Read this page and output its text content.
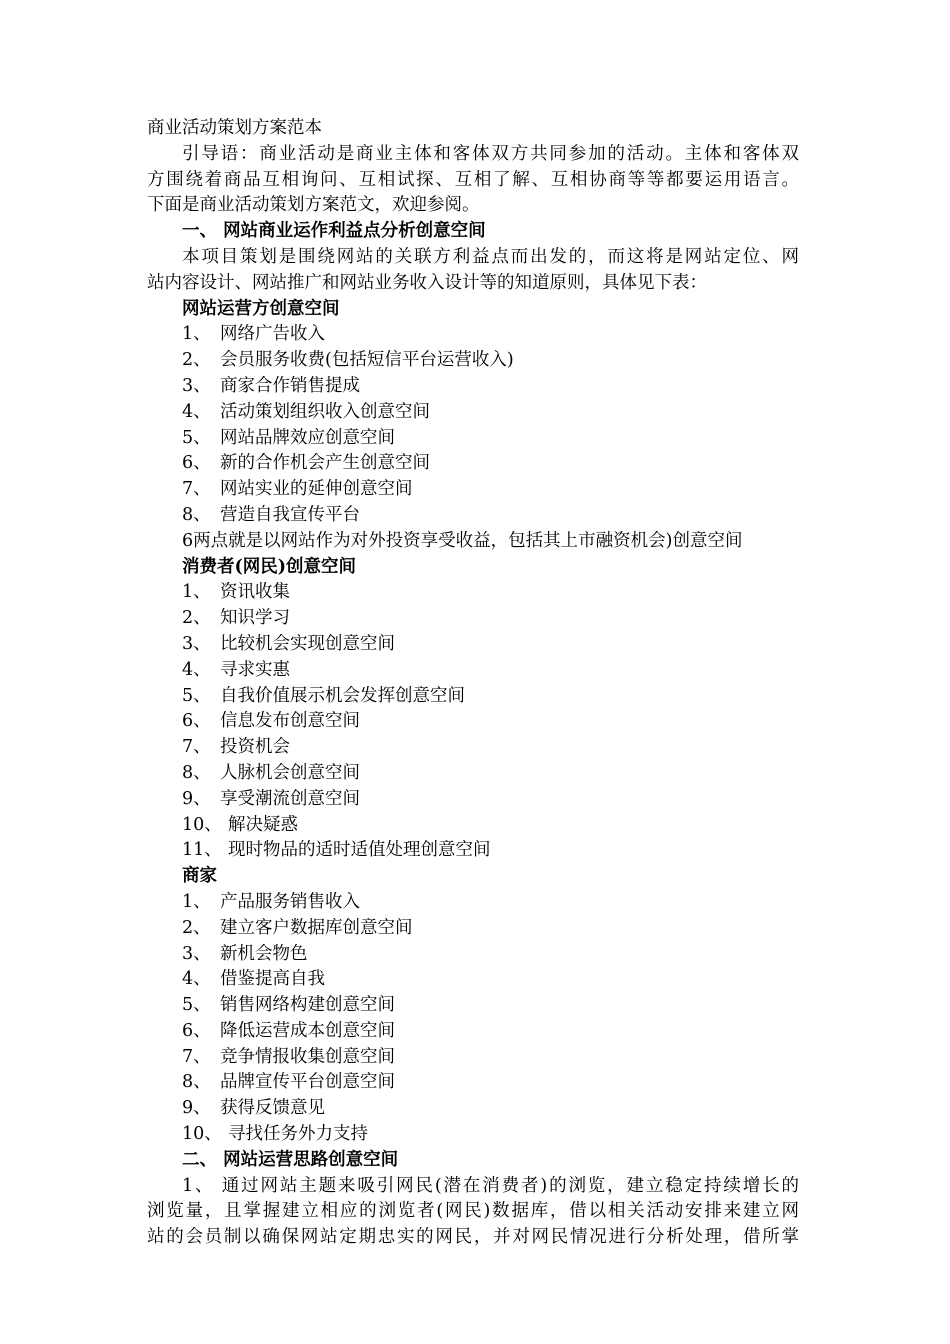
商业活动策划方案范本
引导语：商业活动是商业主体和客体双方共同参加的活动。主体和客体双
方围绕着商品互相询问、互相试探、互相了解、互相协商等等都要运用语言。
下面是商业活动策划方案范文，欢迎参阅。
一、 网站商业运作利益点分析创意空间
本项目策划是围绕网站的关联方利益点而出发的，而这将是网站定位、网
站内容设计、网站推广和网站业务收入设计等的知道原则，具体见下表：
网站运营方创意空间
1、 网络广告收入
2、 会员服务收费(包括短信平台运营收入)
3、 商家合作销售提成
4、 活动策划组织收入创意空间
5、 网站品牌效应创意空间
6、 新的合作机会产生创意空间
7、 网站实业的延伸创意空间
8、 营造自我宣传平台
6两点就是以网站作为对外投资享受收益，包括其上市融资机会)创意空间
消费者(网民)创意空间
1、 资讯收集
2、 知识学习
3、 比较机会实现创意空间
4、 寻求实惠
5、 自我价值展示机会发挥创意空间
6、 信息发布创意空间
7、 投资机会
8、 人脉机会创意空间
9、 享受潮流创意空间
10、 解决疑惑
11、 现时物品的适时适值处理创意空间
商家
1、 产品服务销售收入
2、 建立客户数据库创意空间
3、 新机会物色
4、 借鉴提高自我
5、 销售网络构建创意空间
6、 降低运营成本创意空间
7、 竞争情报收集创意空间
8、 品牌宣传平台创意空间
9、 获得反馈意见
10、 寻找任务外力支持
二、 网站运营思路创意空间
1、 通过网站主题来吸引网民(潜在消费者)的浏览，建立稳定持续增长的
浏览量，且掌握建立相应的浏览者(网民)数据库，借以相关活动安排来建立网
站的会员制以确保网站定期忠实的网民，并对网民情况进行分析处理，借所掌
